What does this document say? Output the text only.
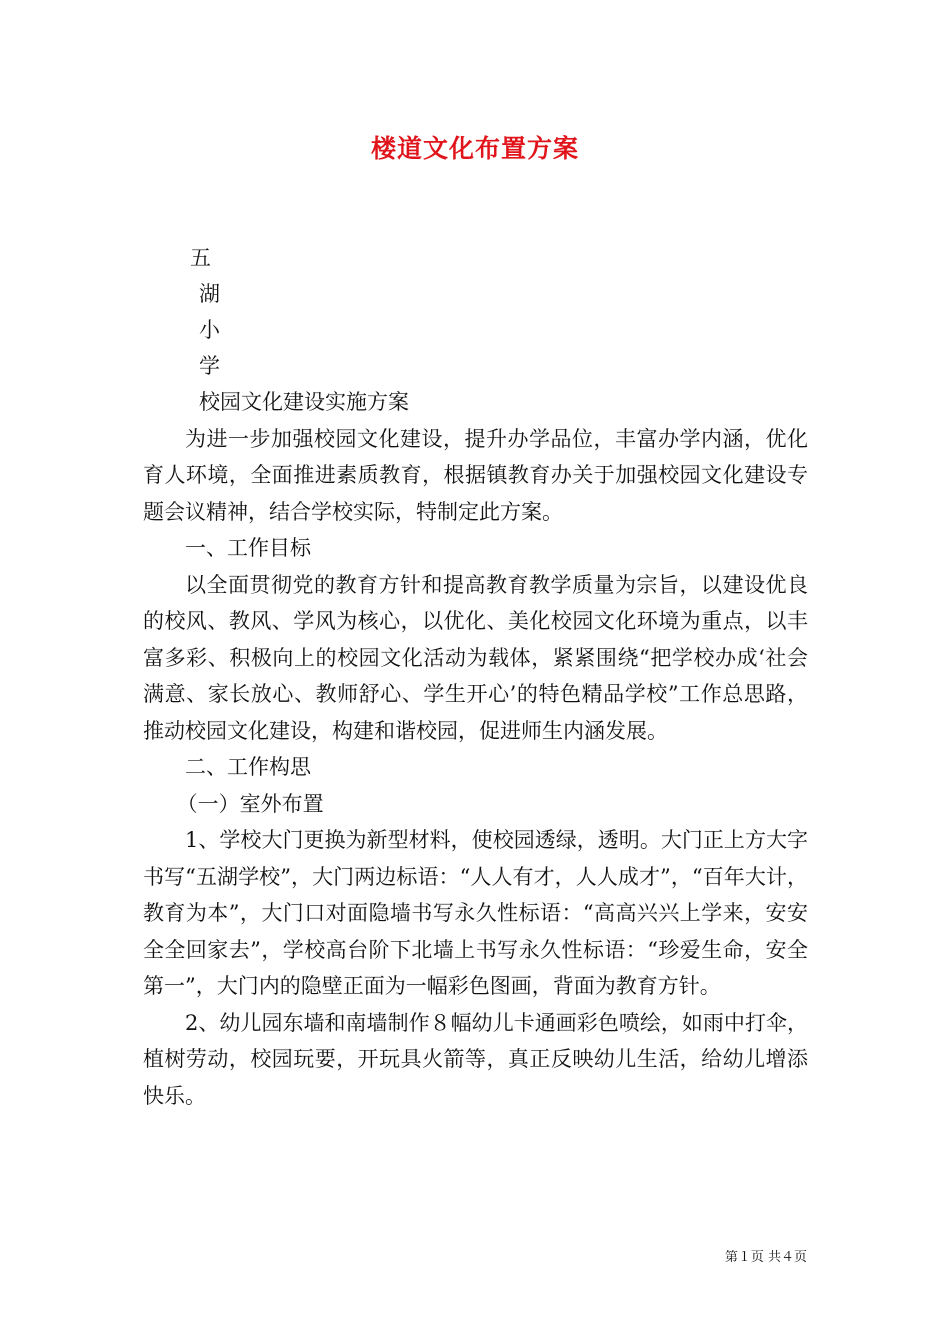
楼道文化布置方案
五
湖
小
学

校园文化建设实施方案

为进一步加强校园文化建设，提升办学品位，丰富办学内涵，优化育人环境，全面推进素质教育，根据镇教育办关于加强校园文化建设专题会议精神，结合学校实际，特制定此方案。

一、工作目标

以全面贯彻党的教育方针和提高教育教学质量为宗旨，以建设优良的校风、教风、学风为核心，以优化、美化校园文化环境为重点，以丰富多彩、积极向上的校园文化活动为载体，紧紧围绕“把学校办成‘社会满意、家长放心、教师舒心、学生开心’的特色精品学校”工作总思路，推动校园文化建设，构建和谐校园，促进师生内涵发展。

二、工作构思

（一）室外布置

1、学校大门更换为新型材料，使校园透绿，透明。大门正上方大字书写“五湖学校”，大门两边标语：“人人有才，人人成才”，“百年大计，教育为本”，大门口对面隐墙书写永久性标语：“高高兴兴上学来，安安全全回家去”，学校高台阶下北墙上书写永久性标语：“珍爱生命，安全第一”，大门内的隐壁正面为一幅彩色图画，背面为教育方针。

2、幼儿园东墙和南墙制作８幅幼儿卡通画彩色喷绘，如雨中打伞，植树劳动，校园玩要，开玩具火箭等，真正反映幼儿生活，给幼儿增添快乐。

第１页 共４页
